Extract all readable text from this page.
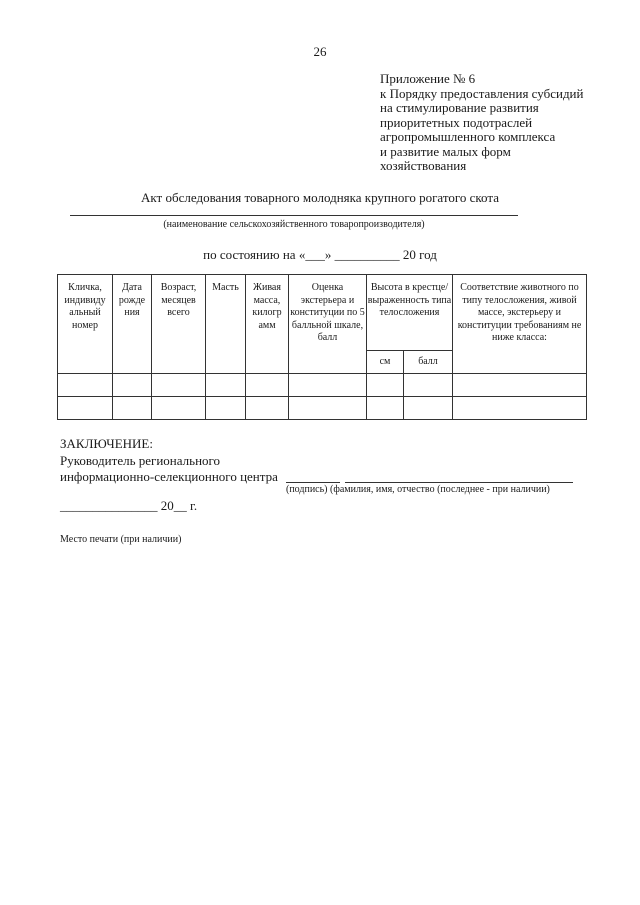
26
Приложение № 6
к Порядку предоставления субсидий
на стимулирование развития
приоритетных подотраслей
агропромышленного комплекса
и развитие малых форм
хозяйствования
Акт обследования товарного молодняка крупного рогатого скота
(наименование сельскохозяйственного товаропроизводителя)
по состоянию на «___» __________ 20 год
Кличка, индивиду альный номер	Дата рожде ния	Возраст, месяцев всего	Масть	Живая масса, килогр амм	Оценка экстерьера и конституции по 5 балльной шкале, балл	Высота в крестце/ выраженность типа телосложения		Соответствие животного по типу телосложения, живой массе, экстерьеру и конституции требованиям не ниже класса:
						см	балл	

ЗАКЛЮЧЕНИЕ:
Руководитель регионального
информационно-селекционного центра
(подпись) (фамилия, имя, отчество (последнее - при наличии)
_______________ 20__ г.
Место печати (при наличии)
